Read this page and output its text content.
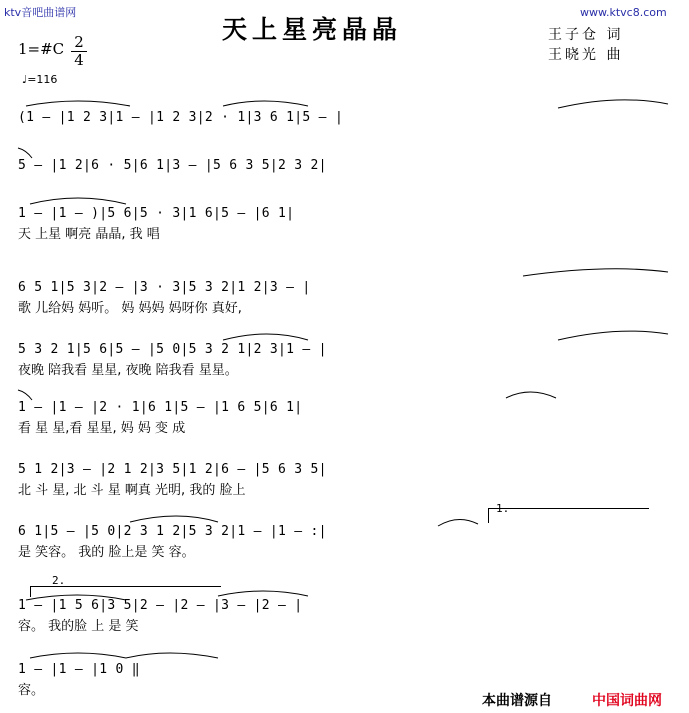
ktv音吧曲谱网	www.ktvc8.com
天上星亮晶晶	王子仓 词
王晓光 曲
1=#C 2
4
♩=116
(1 — |1 2 3|1 — |1 2 3|2 · 1|3 6 1|5 — |
5 — |1 2|6 · 5|6 1|3 — |5 6 3 5|2 3 2|
1 — |1 — )|5 6|5 · 3|1 6|5 — |6 1|
天 上星 啊亮 晶晶, 我 唱
6 5 1|5 3|2 — |3 · 3|5 3 2|1 2|3 — |
歌 儿给妈 妈听。 妈 妈妈 妈呀你 真好,
5 3 2 1|5 6|5 — |5 0|5 3 2 1|2 3|1 — |
夜晚 陪我看 星星, 夜晚 陪我看 星星。
1 — |1 — |2 · 1|6 1|5 — |1 6 5|6 1|
看 星 星,看 星星, 妈 妈 变 成
5 1 2|3 — |2 1 2|3 5|1 2|6 — |5 6 3 5|
北 斗 星, 北 斗 星 啊真 光明, 我的 脸上
1.
6 1|5 — |5 0|2 3 1 2|5 3 2|1 — |1 — :|
是 笑容。 我的 脸上是 笑 容。
2.
1 — |1 5 6|3 5|2 — |2 — |3 — |2 — |
容。 我的脸 上 是 笑
1 — |1 — |1 0 ‖
容。
本曲谱源自	中国词曲网
